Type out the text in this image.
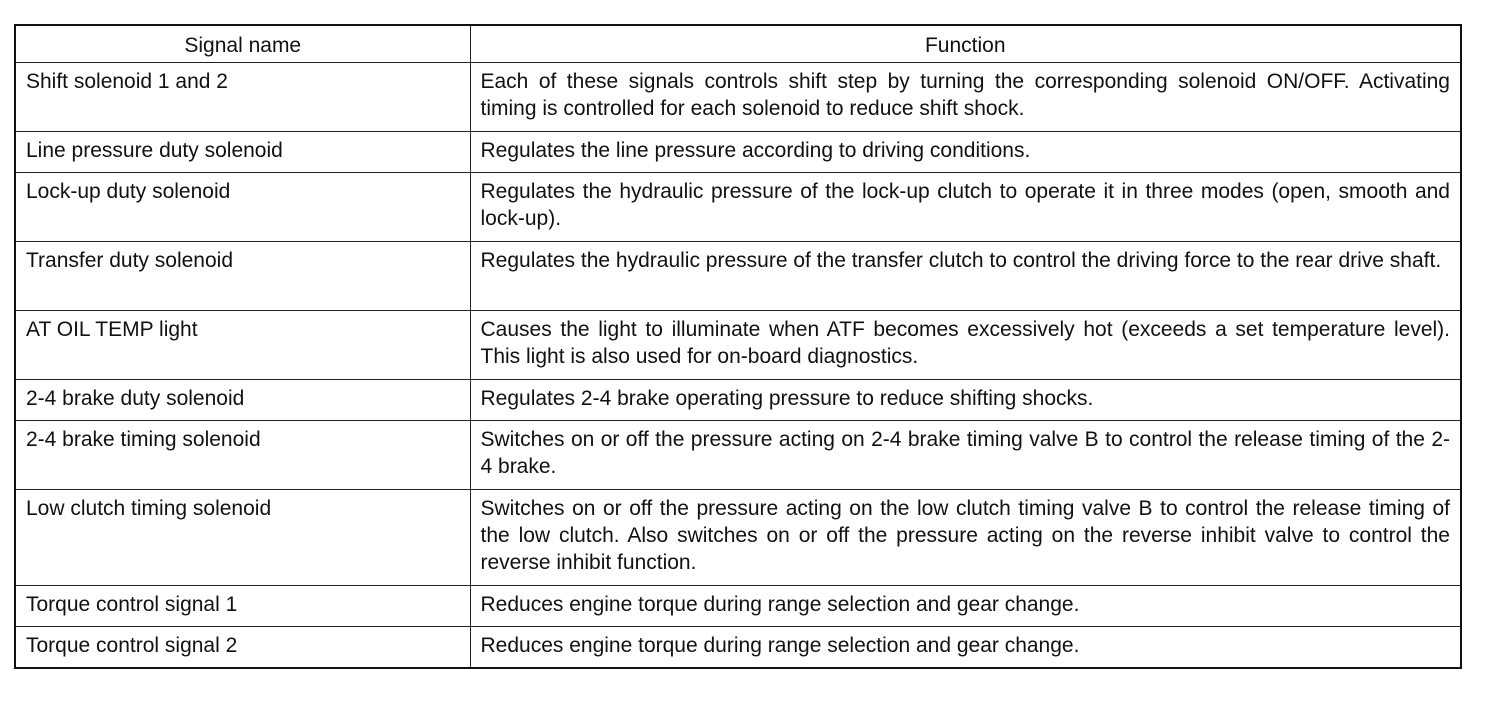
Signal name	Function
Shift solenoid 1 and 2	Each of these signals controls shift step by turning the corresponding solenoid ON/OFF. Activating timing is controlled for each solenoid to reduce shift shock.
Line pressure duty solenoid	Regulates the line pressure according to driving conditions.
Lock-up duty solenoid	Regulates the hydraulic pressure of the lock-up clutch to operate it in three modes (open, smooth and lock-up).
Transfer duty solenoid	Regulates the hydraulic pressure of the transfer clutch to control the driving force to the rear drive shaft.
AT OIL TEMP light	Causes the light to illuminate when ATF becomes excessively hot (exceeds a set temperature level). This light is also used for on-board diagnostics.
2-4 brake duty solenoid	Regulates 2-4 brake operating pressure to reduce shifting shocks.
2-4 brake timing solenoid	Switches on or off the pressure acting on 2-4 brake timing valve B to control the release timing of the 2-4 brake.
Low clutch timing solenoid	Switches on or off the pressure acting on the low clutch timing valve B to control the release timing of the low clutch. Also switches on or off the pressure acting on the reverse inhibit valve to control the reverse inhibit function.
Torque control signal 1	Reduces engine torque during range selection and gear change.
Torque control signal 2	Reduces engine torque during range selection and gear change.
